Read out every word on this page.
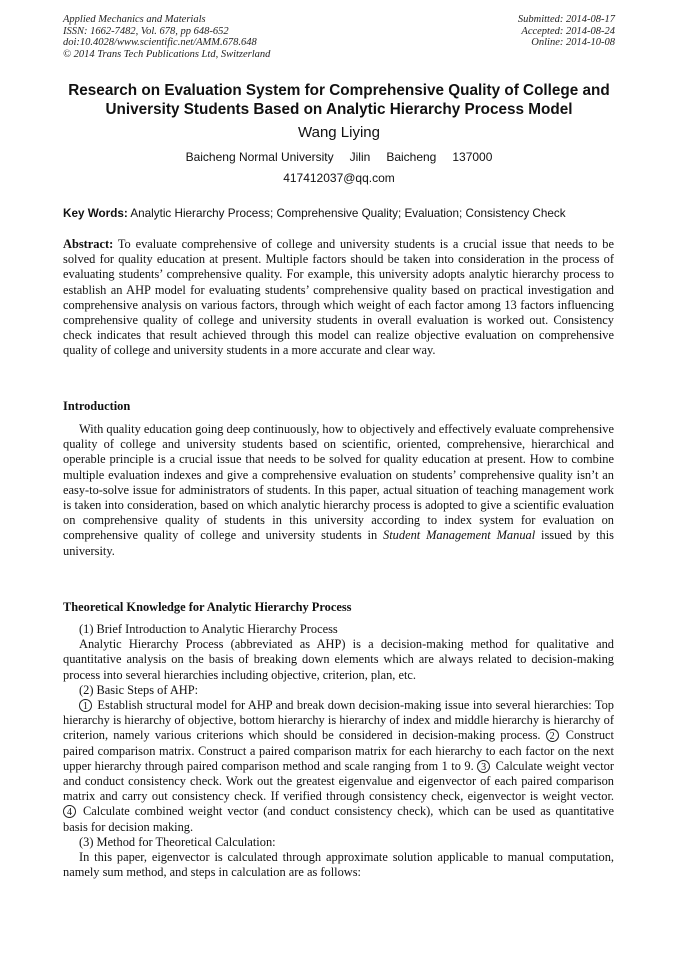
Applied Mechanics and Materials
ISSN: 1662-7482, Vol. 678, pp 648-652
doi:10.4028/www.scientific.net/AMM.678.648
© 2014 Trans Tech Publications Ltd, Switzerland
Submitted: 2014-08-17
Accepted: 2014-08-24
Online: 2014-10-08
Research on Evaluation System for Comprehensive Quality of College and University Students Based on Analytic Hierarchy Process Model
Wang Liying
Baicheng Normal University Jilin Baicheng 137000
417412037@qq.com
Key Words: Analytic Hierarchy Process; Comprehensive Quality; Evaluation; Consistency Check
Abstract: To evaluate comprehensive of college and university students is a crucial issue that needs to be solved for quality education at present. Multiple factors should be taken into consideration in the process of evaluating students’ comprehensive quality. For example, this university adopts analytic hierarchy process to establish an AHP model for evaluating students’ comprehensive quality based on practical investigation and comprehensive analysis on various factors, through which weight of each factor among 13 factors influencing comprehensive quality of college and university students in overall evaluation is worked out. Consistency check indicates that result achieved through this model can realize objective evaluation on comprehensive quality of college and university students in a more accurate and clear way.
Introduction
With quality education going deep continuously, how to objectively and effectively evaluate comprehensive quality of college and university students based on scientific, oriented, comprehensive, hierarchical and operable principle is a crucial issue that needs to be solved for quality education at present. How to combine multiple evaluation indexes and give a comprehensive evaluation on students’ comprehensive quality isn’t an easy-to-solve issue for administrators of students. In this paper, actual situation of teaching management work is taken into consideration, based on which analytic hierarchy process is adopted to give a scientific evaluation on comprehensive quality of students in this university according to index system for evaluation on comprehensive quality of college and university students in Student Management Manual issued by this university.
Theoretical Knowledge for Analytic Hierarchy Process

(1) Brief Introduction to Analytic Hierarchy Process

Analytic Hierarchy Process (abbreviated as AHP) is a decision-making method for qualitative and quantitative analysis on the basis of breaking down elements which are always related to decision-making process into several hierarchies including objective, criterion, plan, etc.

(2) Basic Steps of AHP:

1 Establish structural model for AHP and break down decision-making issue into several hierarchies: Top hierarchy is hierarchy of objective, bottom hierarchy is hierarchy of index and middle hierarchy is hierarchy of criterion, namely various criterions which should be considered in decision-making process. 2 Construct paired comparison matrix. Construct a paired comparison matrix for each hierarchy to each factor on the next upper hierarchy through paired comparison method and scale ranging from 1 to 9. 3 Calculate weight vector and conduct consistency check. Work out the greatest eigenvalue and eigenvector of each paired comparison matrix and carry out consistency check. If verified through consistency check, eigenvector is weight vector. 4 Calculate combined weight vector (and conduct consistency check), which can be used as quantitative basis for decision making.

(3) Method for Theoretical Calculation:

In this paper, eigenvector is calculated through approximate solution applicable to manual computation, namely sum method, and steps in calculation are as follows:
